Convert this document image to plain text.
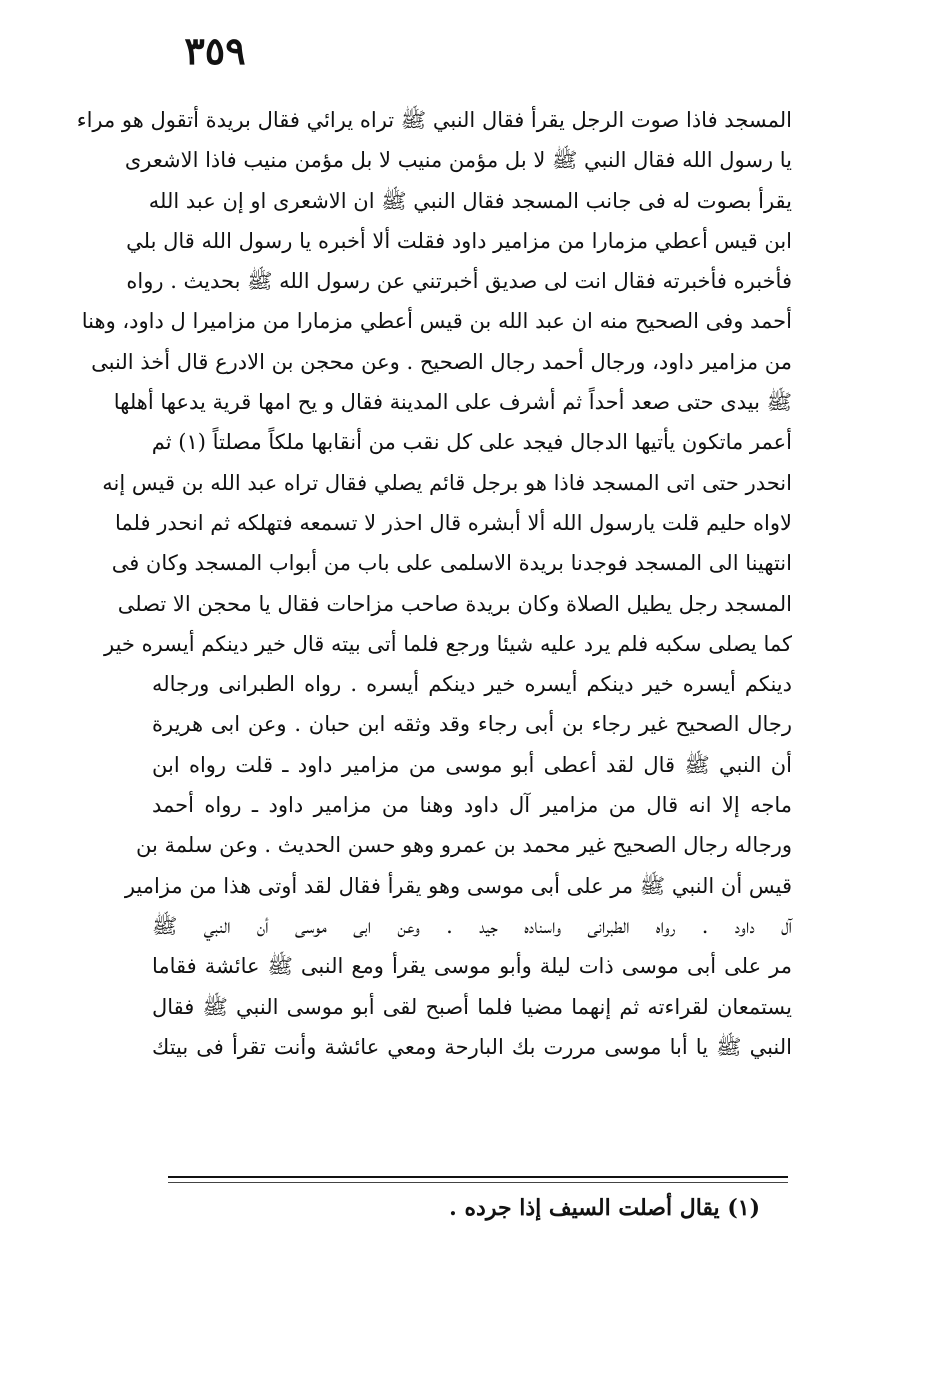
٣٥٩
المسجد فاذا صوت الرجل يقرأ فقال النبي ﷺ تراه يرائي فقال بريدة أتقول هو مراء
يا رسول الله فقال النبي ﷺ لا بل مؤمن منيب لا بل مؤمن منيب فاذا الاشعرى
يقرأ بصوت له فى جانب المسجد فقال النبي ﷺ ان الاشعرى او إن عبد الله
ابن قيس أعطي مزمارا من مزامير داود فقلت ألا أخبره يا رسول الله قال بلي
فأخبره فأخبرته فقال انت لى صديق أخبرتني عن رسول الله ﷺ بحديث . رواه
أحمد وفى الصحيح منه ان عبد الله بن قيس أعطي مزمارا من مزاميرا ل داود، وهنا
من مزامير داود، ورجال أحمد رجال الصحيح . وعن محجن بن الادرع قال أخذ النبى
ﷺ بيدى حتى صعد أحداً ثم أشرف على المدينة فقال و يح امها قرية يدعها أهلها
أعمر ماتكون يأتيها الدجال فيجد على كل نقب من أنقابها ملكاً مصلتاً (١) ثم
انحدر حتى اتى المسجد فاذا هو برجل قائم يصلي فقال تراه عبد الله بن قيس إنه
لاواه حليم قلت يارسول الله ألا أبشره قال احذر لا تسمعه فتهلكه ثم انحدر فلما
انتهينا الى المسجد فوجدنا بريدة الاسلمى على باب من أبواب المسجد وكان فى
المسجد رجل يطيل الصلاة وكان بريدة صاحب مزاحات فقال يا محجن الا تصلى
كما يصلى سكبه فلم يرد عليه شيئا ورجع فلما أتى بيته قال خير دينكم أيسره خير
دينكم أيسره خير دينكم أيسره خير دينكم أيسره . رواه الطبرانى ورجاله
رجال الصحيح غير رجاء بن أبى رجاء وقد وثقه ابن حبان . وعن ابى هريرة
أن النبي ﷺ قال لقد أعطى أبو موسى من مزامير داود ـ قلت رواه ابن
ماجه إلا انه قال من مزامير آل داود وهنا من مزامير داود ـ رواه أحمد
ورجاله رجال الصحيح غير محمد بن عمرو وهو حسن الحديث . وعن سلمة بن
قيس أن النبي ﷺ مر على أبى موسى وهو يقرأ فقال لقد أوتى هذا من مزامير
آل داود . رواه الطبرانى واسناده جيد . وعن ابى موسى أن النبي ﷺ
مر على أبى موسى ذات ليلة وأبو موسى يقرأ ومع النبى ﷺ عائشة فقاما
يستمعان لقراءته ثم إنهما مضيا فلما أصبح لقى أبو موسى النبي ﷺ فقال
النبي ﷺ يا أبا موسى مررت بك البارحة ومعي عائشة وأنت تقرأ فى بيتك
(١) يقال أصلت السيف إذا جرده .
